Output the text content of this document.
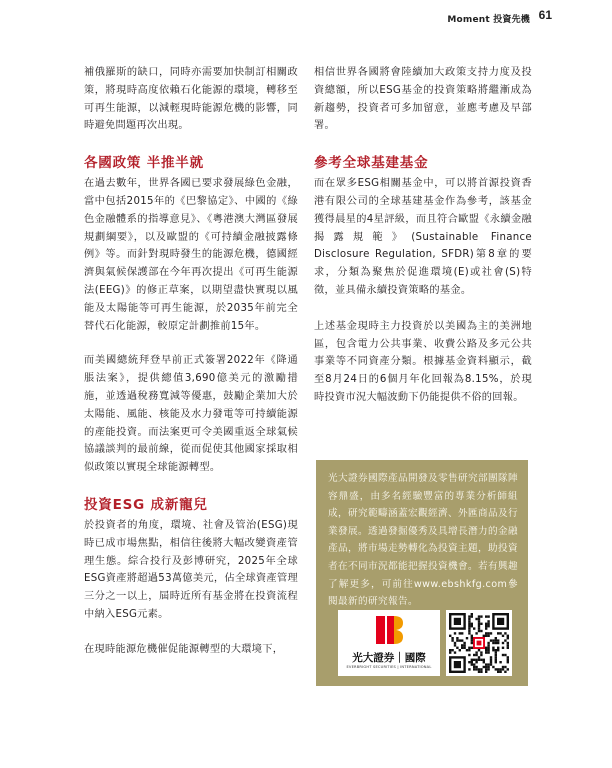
Moment 投資先機 61

補俄羅斯的缺口，同時亦需要加快制訂相關政策，將現時高度依賴石化能源的環境，轉移至可再生能源，以減輕現時能源危機的影響，同時避免問題再次出現。

各國政策 半推半就

在過去數年，世界各國已要求發展綠色金融，當中包括2015年的《巴黎協定》、中國的《綠色金融體系的指導意見》、《粵港澳大灣區發展規劃綱要》，以及歐盟的《可持續金融披露條例》等。而針對現時發生的能源危機，德國經濟與氣候保護部在今年再次提出《可再生能源法(EEG)》的修正草案，以期望盡快實現以風能及太陽能等可再生能源，於2035年前完全替代石化能源，較原定計劃推前15年。

而美國總統拜登早前正式簽署2022年《降通脹法案》，提供總值3,690億美元的激勵措施，並透過稅務寬減等優惠，鼓勵企業加大於太陽能、風能、核能及水力發電等可持續能源的產能投資。而法案更可令美國重返全球氣候協議談判的最前線，從而促使其他國家採取相似政策以實現全球能源轉型。

投資ESG 成新寵兒

於投資者的角度，環境、社會及管治(ESG)現時已成市場焦點，相信往後將大幅改變資產管理生態。綜合投行及彭博研究，2025年全球ESG資產將超過53萬億美元，佔全球資產管理三分之一以上，屆時近所有基金將在投資流程中納入ESG元素。

在現時能源危機催促能源轉型的大環境下，

相信世界各國將會陸續加大政策支持力度及投資總額，所以ESG基金的投資策略將繼漸成為新趨勢，投資者可多加留意，並應考慮及早部署。

參考全球基建基金

而在眾多ESG相關基金中，可以將首源投資香港有限公司的全球基建基金作為參考，該基金獲得晨星的4星評級，而且符合歐盟《永續金融揭露規範》(Sustainable Finance Disclosure Regulation, SFDR)第8章的要求，分類為聚焦於促進環境(E)或社會(S)特徵，並具備永續投資策略的基金。

上述基金現時主力投資於以美國為主的美洲地區，包含電力公共事業、收費公路及多元公共事業等不同資產分類。根據基金資料顯示，截至8月24日的6個月年化回報為8.15%，於現時投資市況大幅波動下仍能提供不俗的回報。

光大證券國際產品開發及零售研究部團隊陣容鼎盛，由多名經驗豐富的專業分析師組成，研究範疇涵蓋宏觀經濟、外匯商品及行業發展。透過發掘優秀及具增長潛力的金融產品，將市場走勢轉化為投資主題，助投資者在不同市況都能把握投資機會。若有興趣了解更多，可前往www.ebshkfg.com參閱最新的研究報告。
光大證券｜國際
EVERBRIGHT SECURITIES | INTERNATIONAL
